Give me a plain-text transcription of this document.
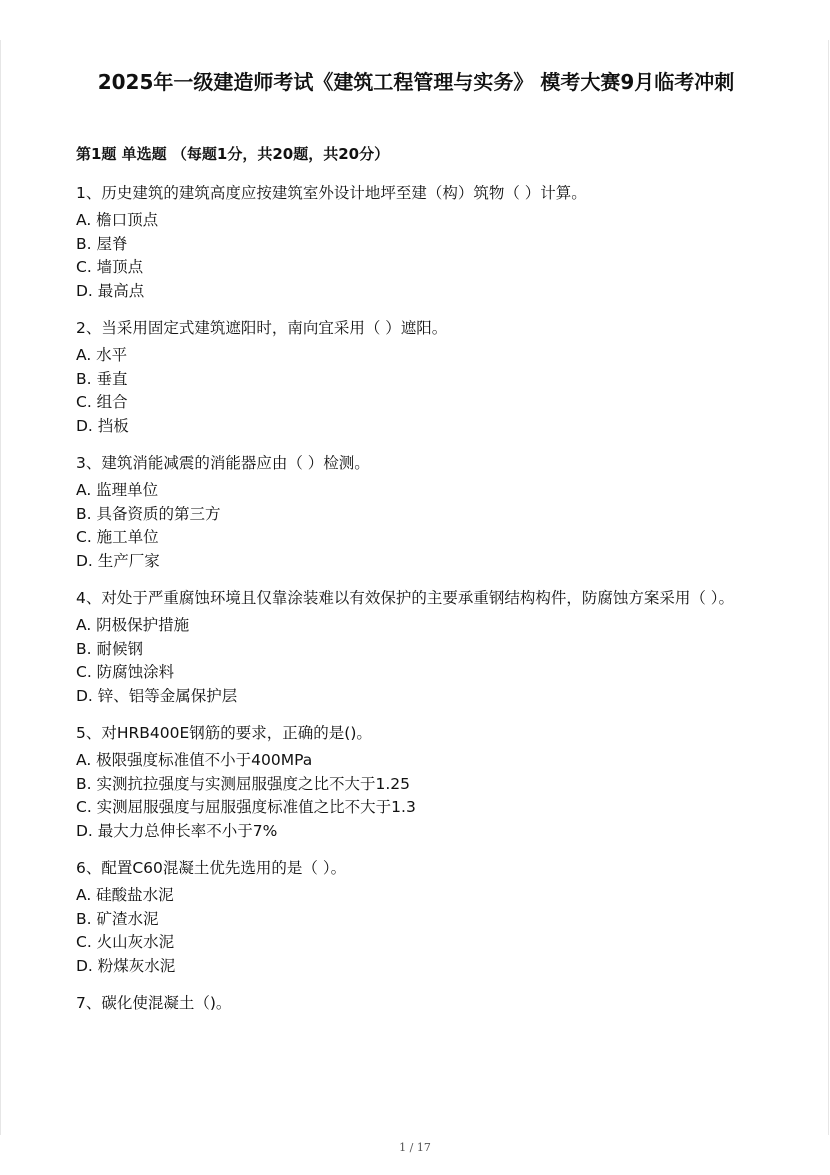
2025年一级建造师考试《建筑工程管理与实务》 模考大赛9月临考冲刺
第1题 单选题 （每题1分，共20题，共20分）
1、历史建筑的建筑高度应按建筑室外设计地坪至建（构）筑物（ ）计算。
A. 檐口顶点
B. 屋脊
C. 墙顶点
D. 最高点
2、当采用固定式建筑遮阳时，南向宜采用（ ）遮阳。
A. 水平
B. 垂直
C. 组合
D. 挡板
3、建筑消能减震的消能器应由（ ）检测。
A. 监理单位
B. 具备资质的第三方
C. 施工单位
D. 生产厂家
4、对处于严重腐蚀环境且仅靠涂装难以有效保护的主要承重钢结构构件，防腐蚀方案采用（ ）。
A. 阴极保护措施
B. 耐候钢
C. 防腐蚀涂料
D. 锌、铝等金属保护层
5、对HRB400E钢筋的要求，正确的是()。
A. 极限强度标准值不小于400MPa
B. 实测抗拉强度与实测屈服强度之比不大于1.25
C. 实测屈服强度与屈服强度标准值之比不大于1.3
D. 最大力总伸长率不小于7%
6、配置C60混凝土优先选用的是（ ）。
A. 硅酸盐水泥
B. 矿渣水泥
C. 火山灰水泥
D. 粉煤灰水泥
7、碳化使混凝土（)。
1 / 17
